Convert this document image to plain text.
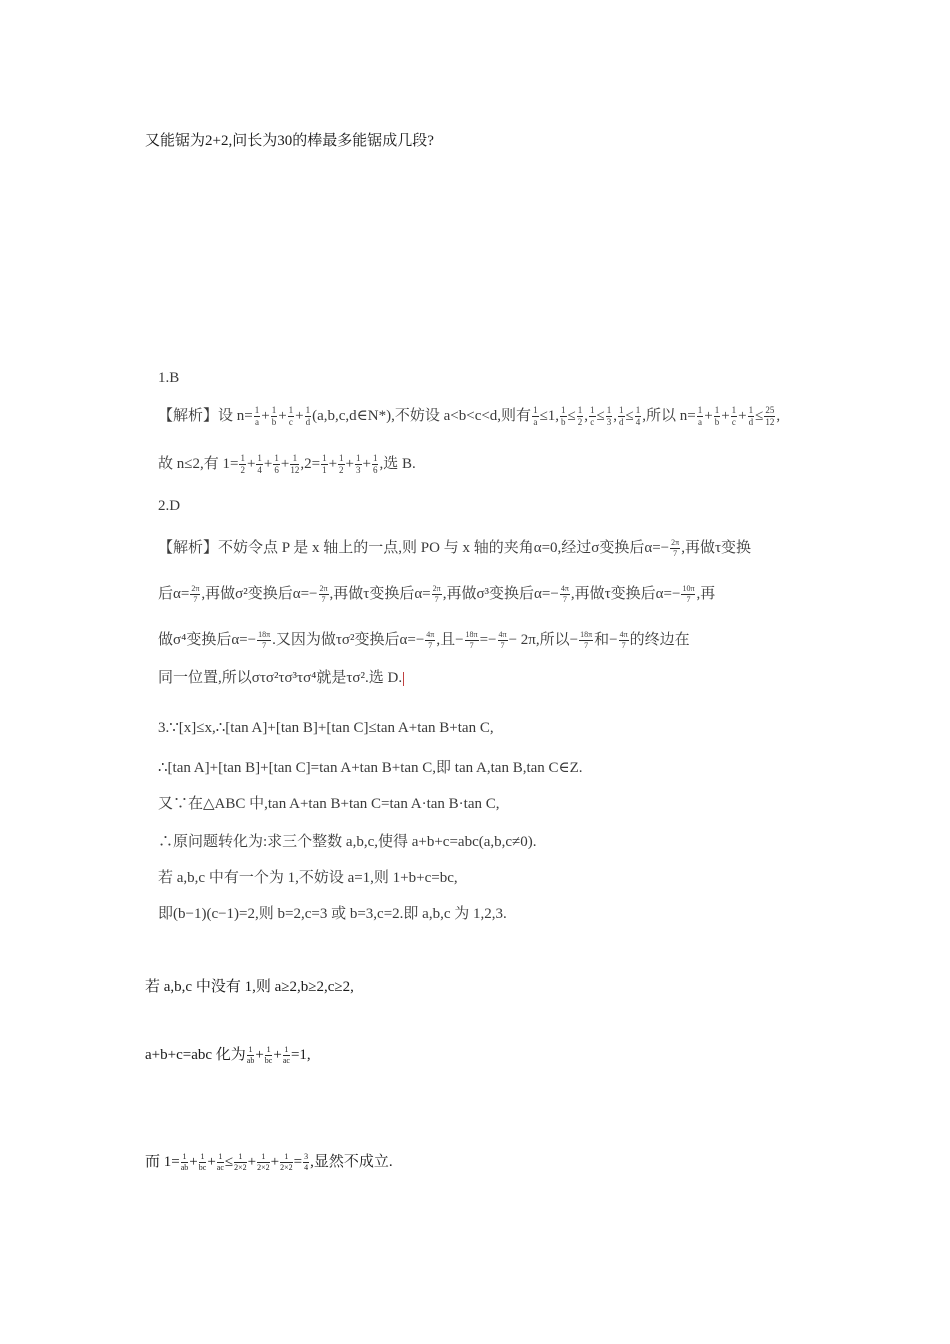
又能锯为2+2,问长为30的棒最多能锯成几段?
1.B
【解析】设 $n= \frac{1}{a} + \frac{1}{b} + \frac{1}{c} + \frac{1}{d}$ (a,b,c,d∈N*),不妨设 a<b<c<d,则有 $\frac{1}{a} \le 1$, $\frac{1}{b} \le \frac{1}{2}$ , $\frac{1}{c} \le \frac{1}{3}$ , $\frac{1}{d} \le \frac{1}{4}$ ,所以 $n= \frac{1}{a} + \frac{1}{b} + \frac{1}{c} + \frac{1}{d} \le \frac{25}{12}$ ,
故 n≤2,有 $1= \frac{1}{2} + \frac{1}{4} + \frac{1}{6} + \frac{1}{12} ,2= \frac{1}{1} + \frac{1}{2} + \frac{1}{3} + \frac{1}{6}$ ,选 B.
2.D
【解析】不妨令点 P 是 x 轴上的一点,则 PO 与 x 轴的夹角α=0,经过σ变换后$\alpha=- \frac{2\pi}{7}$ ,再做τ变换
后$\alpha= \frac{2\pi}{7}$ ,再做σ²变换后$\alpha=- \frac{2\pi}{7}$ ,再做τ变换后$\alpha= \frac{2\pi}{7}$ ,再做σ³变换后$\alpha=- \frac{4\pi}{7}$ ,再做τ变换后$\alpha=- \frac{10\pi}{7}$ ,再
做σ⁴变换后$\alpha=- \frac{18\pi}{7}$ .又因为做τσ²变换后$\alpha=- \frac{4\pi}{7}$ ,且− $\frac{18\pi}{7} =- \frac{4\pi}{7} - 2\pi$,所以− $\frac{18\pi}{7}$ 和− $\frac{4\pi}{7}$ 的终边在
同一位置,所以στσ²τσ³τσ⁴就是τσ².选 D.
3.∵[x]≤x,∴[tan A]+[tan B]+[tan C]≤tan A+tan B+tan C,
∴[tan A]+[tan B]+[tan C]=tan A+tan B+tan C,即 tan A,tan B,tan C∈Z.
又∵在△ABC 中,tan A+tan B+tan C=tan A·tan B·tan C,
∴原问题转化为:求三个整数 a,b,c,使得 a+b+c=abc(a,b,c≠0).
若 a,b,c 中有一个为 1,不妨设 a=1,则 1+b+c=bc,
即(b−1)(c−1)=2,则 b=2,c=3 或 b=3,c=2.即 a,b,c 为 1,2,3.
若 a,b,c 中没有 1,则 a≥2,b≥2,c≥2,
a+b+c=abc 化为 $\frac{1}{ab} + \frac{1}{bc} + \frac{1}{ac} =1$,
而 $1= \frac{1}{ab} + \frac{1}{bc} + \frac{1}{ac} \le \frac{1}{2\times 2} + \frac{1}{2\times 2} + \frac{1}{2\times 2} = \frac{3}{4}$ ,显然不成立.
